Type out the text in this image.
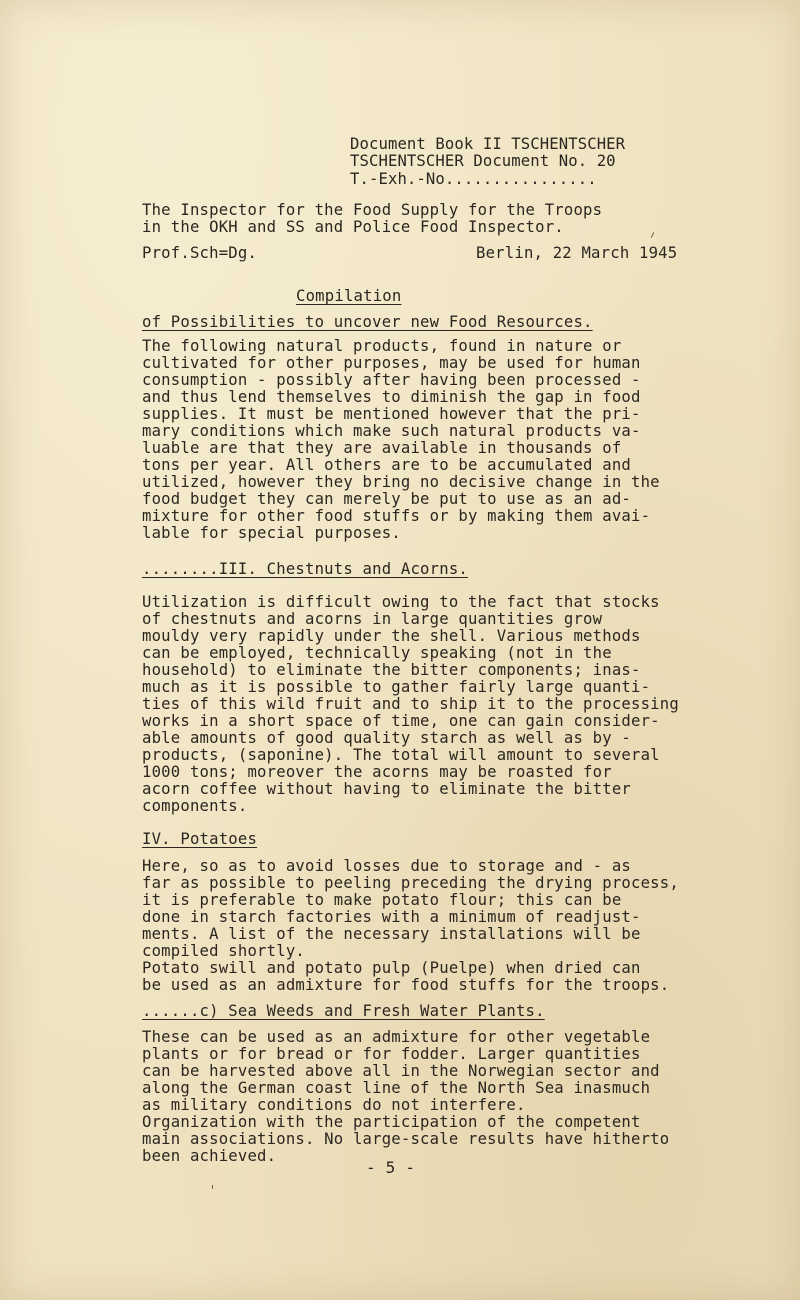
Document Book II TSCHENTSCHER
TSCHENTSCHER Document No. 20
T.-Exh.-No................
The Inspector for the Food Supply for the Troops
in the OKH and SS and Police Food Inspector.
Prof.Sch=Dg.	Berlin, 22 March 1945
Compilation
of Possibilities to uncover new Food Resources.
The following natural products, found in nature or
cultivated for other purposes, may be used for human
consumption - possibly after having been processed -
and thus lend themselves to diminish the gap in food
supplies. It must be mentioned however that the pri-
mary conditions which make such natural products va-
luable are that they are available in thousands of
tons per year. All others are to be accumulated and
utilized, however they bring no decisive change in the
food budget they can merely be put to use as an ad-
mixture for other food stuffs or by making them avai-
lable for special purposes.
........III. Chestnuts and Acorns.
Utilization is difficult owing to the fact that stocks
of chestnuts and acorns in large quantities grow
mouldy very rapidly under the shell. Various methods
can be employed, technically speaking (not in the
household) to eliminate the bitter components; inas-
much as it is possible to gather fairly large quanti-
ties of this wild fruit and to ship it to the processing
works in a short space of time, one can gain consider-
able amounts of good quality starch as well as by -
products, (saponine). The total will amount to several
1000 tons; moreover the acorns may be roasted for
acorn coffee without having to eliminate the bitter
components.
IV. Potatoes
Here, so as to avoid losses due to storage and - as
far as possible to peeling preceding the drying process,
it is preferable to make potato flour; this can be
done in starch factories with a minimum of readjust-
ments. A list of the necessary installations will be
compiled shortly.
Potato swill and potato pulp (Puelpe) when dried can
be used as an admixture for food stuffs for the troops.
......c) Sea Weeds and Fresh Water Plants.
These can be used as an admixture for other vegetable
plants or for bread or for fodder. Larger quantities
can be harvested above all in the Norwegian sector and
along the German coast line of the North Sea inasmuch
as military conditions do not interfere.
Organization with the participation of the competent
main associations. No large-scale results have hitherto
been achieved.
- 5 -
